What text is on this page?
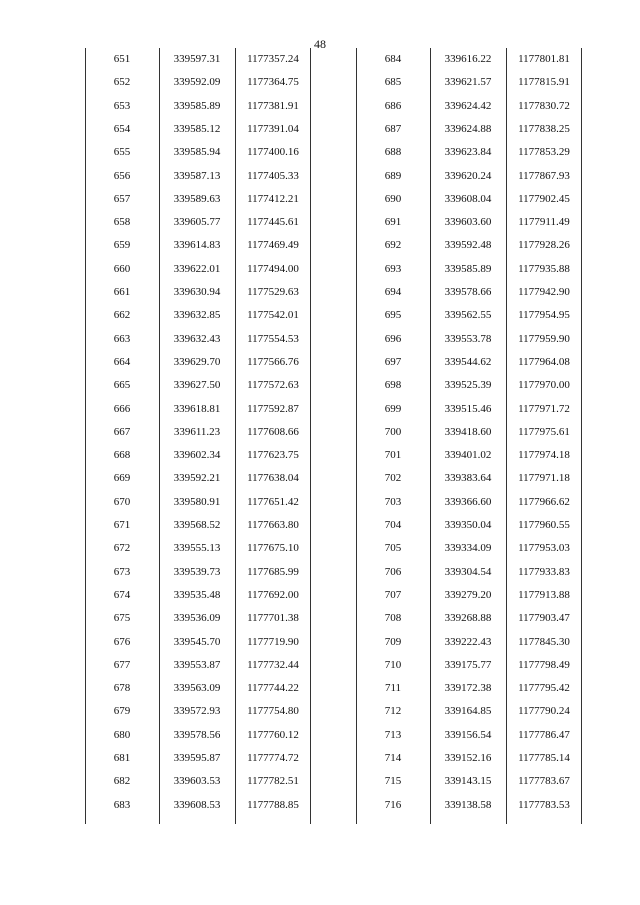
48
651	339597.31	1177357.24
652	339592.09	1177364.75
653	339585.89	1177381.91
654	339585.12	1177391.04
655	339585.94	1177400.16
656	339587.13	1177405.33
657	339589.63	1177412.21
658	339605.77	1177445.61
659	339614.83	1177469.49
660	339622.01	1177494.00
661	339630.94	1177529.63
662	339632.85	1177542.01
663	339632.43	1177554.53
664	339629.70	1177566.76
665	339627.50	1177572.63
666	339618.81	1177592.87
667	339611.23	1177608.66
668	339602.34	1177623.75
669	339592.21	1177638.04
670	339580.91	1177651.42
671	339568.52	1177663.80
672	339555.13	1177675.10
673	339539.73	1177685.99
674	339535.48	1177692.00
675	339536.09	1177701.38
676	339545.70	1177719.90
677	339553.87	1177732.44
678	339563.09	1177744.22
679	339572.93	1177754.80
680	339578.56	1177760.12
681	339595.87	1177774.72
682	339603.53	1177782.51
683	339608.53	1177788.85
684	339616.22	1177801.81
685	339621.57	1177815.91
686	339624.42	1177830.72
687	339624.88	1177838.25
688	339623.84	1177853.29
689	339620.24	1177867.93
690	339608.04	1177902.45
691	339603.60	1177911.49
692	339592.48	1177928.26
693	339585.89	1177935.88
694	339578.66	1177942.90
695	339562.55	1177954.95
696	339553.78	1177959.90
697	339544.62	1177964.08
698	339525.39	1177970.00
699	339515.46	1177971.72
700	339418.60	1177975.61
701	339401.02	1177974.18
702	339383.64	1177971.18
703	339366.60	1177966.62
704	339350.04	1177960.55
705	339334.09	1177953.03
706	339304.54	1177933.83
707	339279.20	1177913.88
708	339268.88	1177903.47
709	339222.43	1177845.30
710	339175.77	1177798.49
711	339172.38	1177795.42
712	339164.85	1177790.24
713	339156.54	1177786.47
714	339152.16	1177785.14
715	339143.15	1177783.67
716	339138.58	1177783.53
